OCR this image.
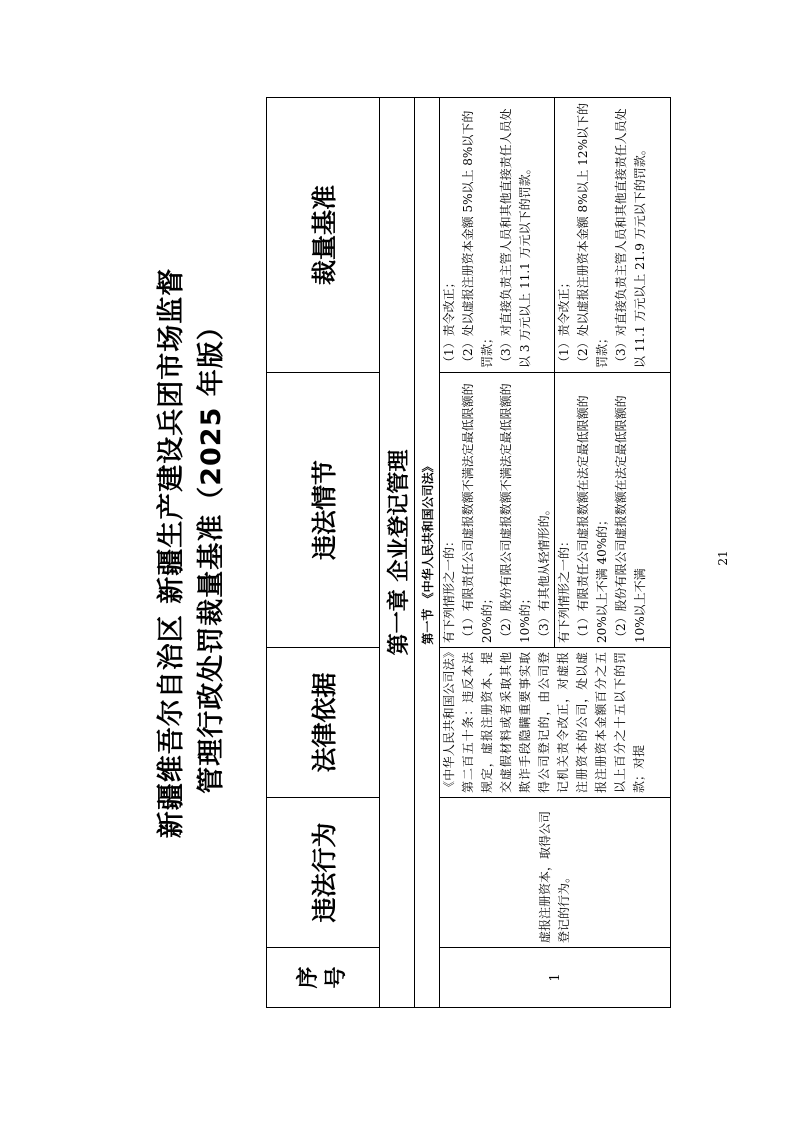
新疆维吾尔自治区 新疆生产建设兵团市场监督 管理行政处罚裁量基准（2025 年版）
序 号	违法行为	法律依据	违法情节	裁量基准
第一章 企业登记管理				
第一节 《中华人民共和国公司法》				
1	虚报注册资本，取得公司登记的行为。	《中华人民共和国公司法》第二百五十条：违反本法规定，虚报注册资本、提交虚假材料或者采取其他欺诈手段隐瞒重要事实取得公司登记的，由公司登记机关责令改正，对虚报注册资本的公司，处以虚报注册资本金额百分之五以上百分之十五以下的罚款；对提	有下列情形之一的： （1）有限责任公司虚报数额不满法定最低限额的 20%的； （2）股份有限公司虚报数额不满法定最低限额的 10%的； （3）有其他从轻情形的。	（1）责令改正； （2）处以虚报注册资本金额 5%以上 8%以下的罚款； （3）对直接负责主管人员和其他直接责任人员处以 3 万元以上 11.1 万元以下的罚款。

			有下列情形之一的： （1）有限责任公司虚报数额在法定最低限额的 20%以上不满 40%的； （2）股份有限公司虚报数额在法定最低限额的 10%以上不满	（1）责令改正； （2）处以虚报注册资本金额 8%以上 12%以下的罚款； （3）对直接负责主管人员和其他直接责任人员处以 11.1 万元以上 21.9 万元以下的罚款。
21
